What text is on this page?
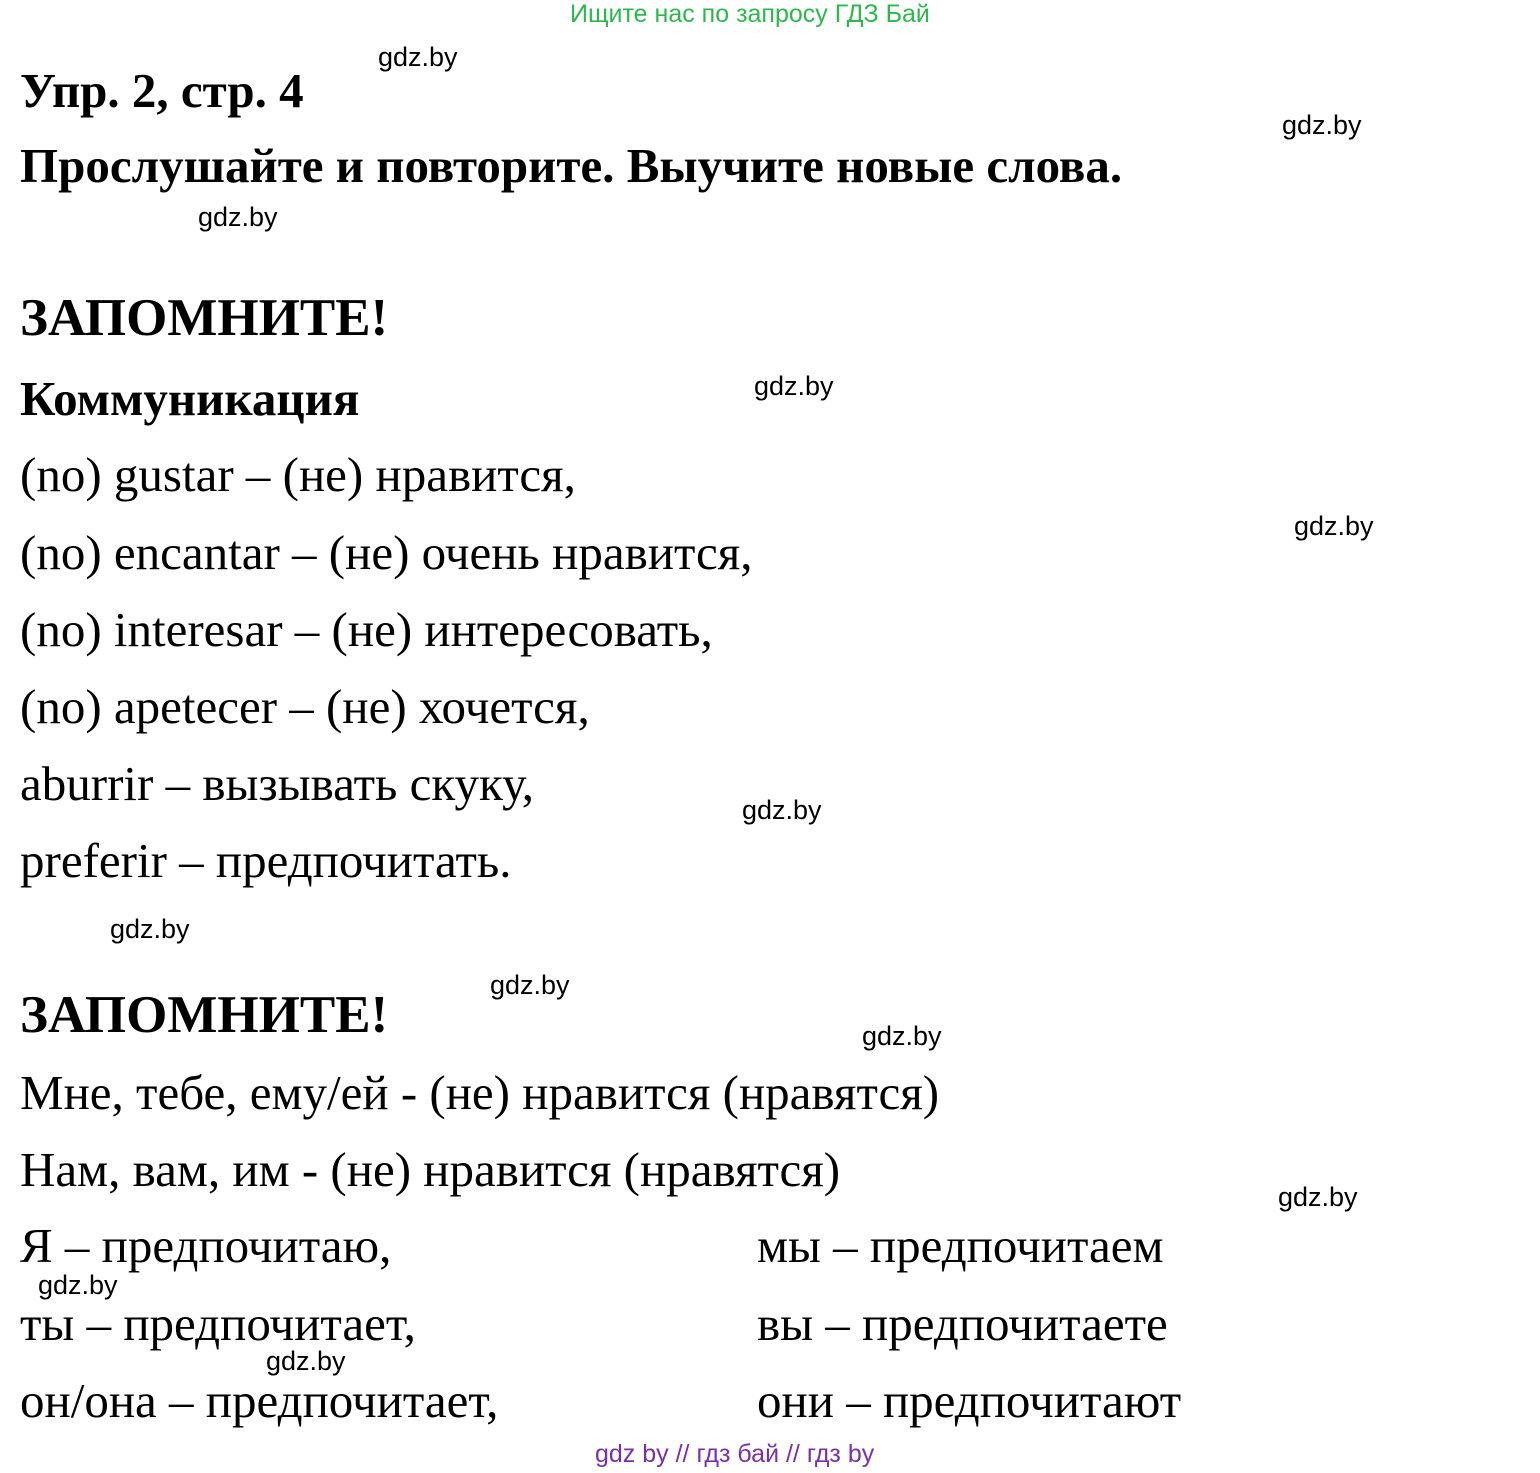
Ищите нас по запросу ГДЗ Бай
Упр. 2, стр. 4
Прослушайте и повторите. Выучите новые слова.
ЗАПОМНИТЕ!
Коммуникация
(no) gustar – (не) нравится,
(no) encantar – (не) очень нравится,
(no) interesar – (не) интересовать,
(no) apetecer – (не) хочется,
aburrir – вызывать скуку,
preferir – предпочитать.
ЗАПОМНИТЕ!
Мне, тебе, ему/ей - (не) нравится (нравятся)
Нам, вам, им - (не) нравится (нравятся)
Я – предпочитаю,
ты – предпочитает,
он/она – предпочитает,
мы – предпочитаем
вы – предпочитаете
они – предпочитают
gdz.by
gdz.by
gdz.by
gdz.by
gdz.by
gdz.by
gdz.by
gdz.by
gdz.by
gdz.by
gdz.by
gdz.by
gdz by // гдз бай // гдз by
